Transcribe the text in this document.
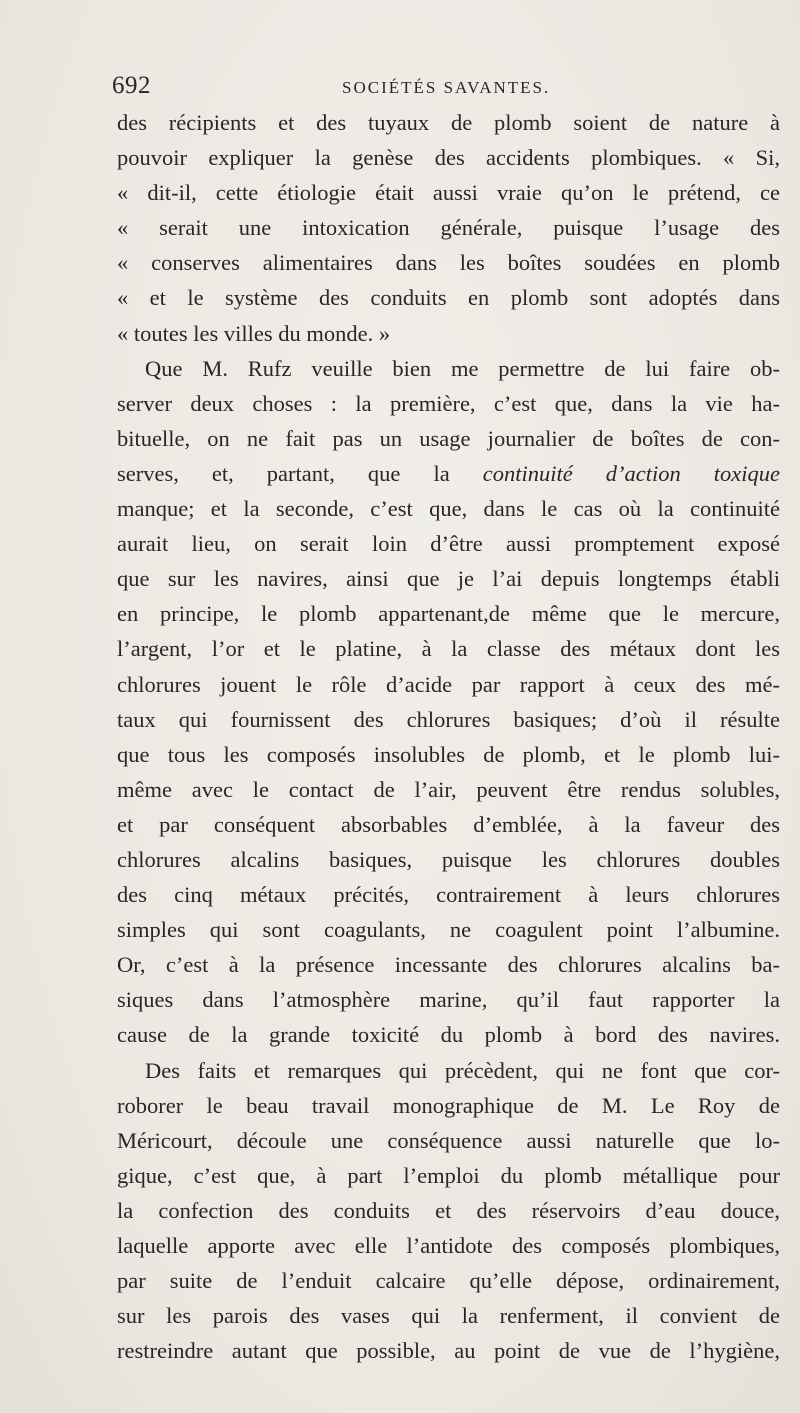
692	SOCIÉTÉS SAVANTES.
des récipients et des tuyaux de plomb soient de nature à
pouvoir expliquer la genèse des accidents plombiques. « Si,
« dit-il, cette étiologie était aussi vraie qu’on le prétend, ce
« serait une intoxication générale, puisque l’usage des
« conserves alimentaires dans les boîtes soudées en plomb
« et le système des conduits en plomb sont adoptés dans
« toutes les villes du monde. »
Que M. Rufz veuille bien me permettre de lui faire ob-
server deux choses : la première, c’est que, dans la vie ha-
bituelle, on ne fait pas un usage journalier de boîtes de con-
serves, et, partant, que la continuité d’action toxique
manque; et la seconde, c’est que, dans le cas où la continuité
aurait lieu, on serait loin d’être aussi promptement exposé
que sur les navires, ainsi que je l’ai depuis longtemps établi
en principe, le plomb appartenant,de même que le mercure,
l’argent, l’or et le platine, à la classe des métaux dont les
chlorures jouent le rôle d’acide par rapport à ceux des mé-
taux qui fournissent des chlorures basiques; d’où il résulte
que tous les composés insolubles de plomb, et le plomb lui-
même avec le contact de l’air, peuvent être rendus solubles,
et par conséquent absorbables d’emblée, à la faveur des
chlorures alcalins basiques, puisque les chlorures doubles
des cinq métaux précités, contrairement à leurs chlorures
simples qui sont coagulants, ne coagulent point l’albumine.
Or, c’est à la présence incessante des chlorures alcalins ba-
siques dans l’atmosphère marine, qu’il faut rapporter la
cause de la grande toxicité du plomb à bord des navires.
Des faits et remarques qui précèdent, qui ne font que cor-
roborer le beau travail monographique de M. Le Roy de
Méricourt, découle une conséquence aussi naturelle que lo-
gique, c’est que, à part l’emploi du plomb métallique pour
la confection des conduits et des réservoirs d’eau douce,
laquelle apporte avec elle l’antidote des composés plombiques,
par suite de l’enduit calcaire qu’elle dépose, ordinairement,
sur les parois des vases qui la renferment, il convient de
restreindre autant que possible, au point de vue de l’hygiène,
